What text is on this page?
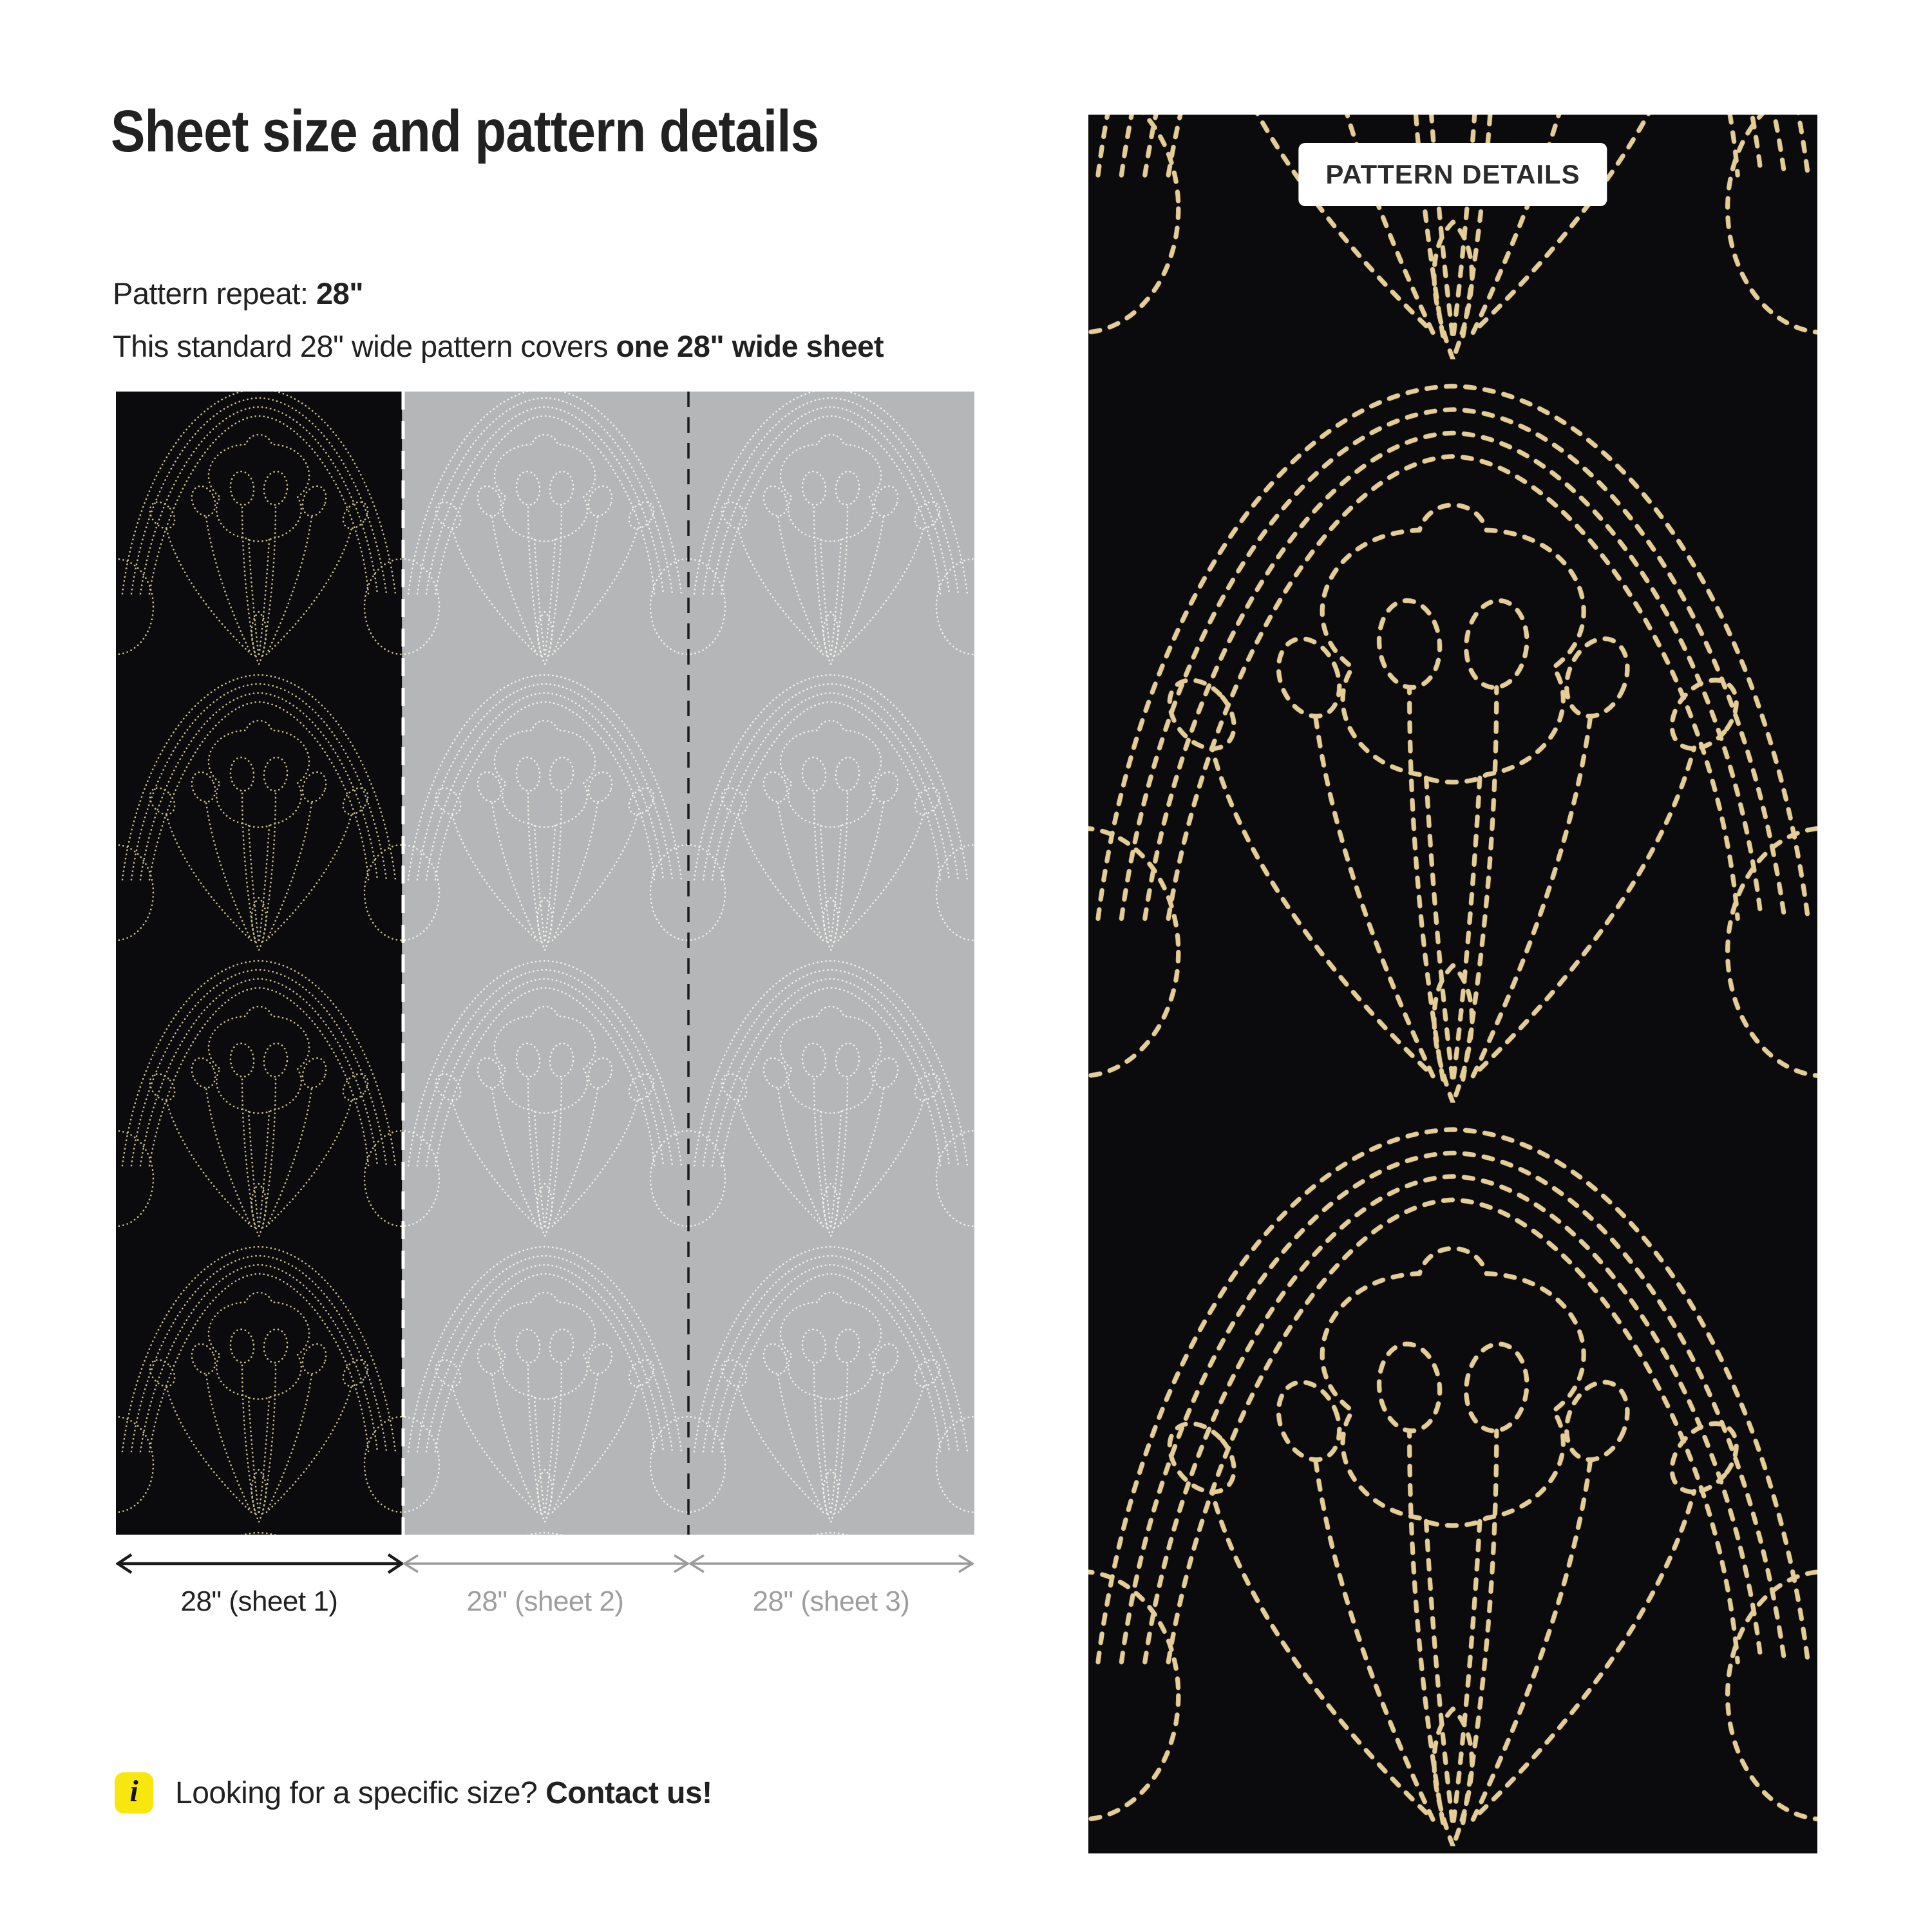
Sheet size and pattern details

Pattern repeat: 28"

This standard 28" wide pattern covers one 28" wide sheet

28" (sheet 1)	28" (sheet 2)	28" (sheet 3)
i Looking for a specific size? Contact us!
PATTERN DETAILS
